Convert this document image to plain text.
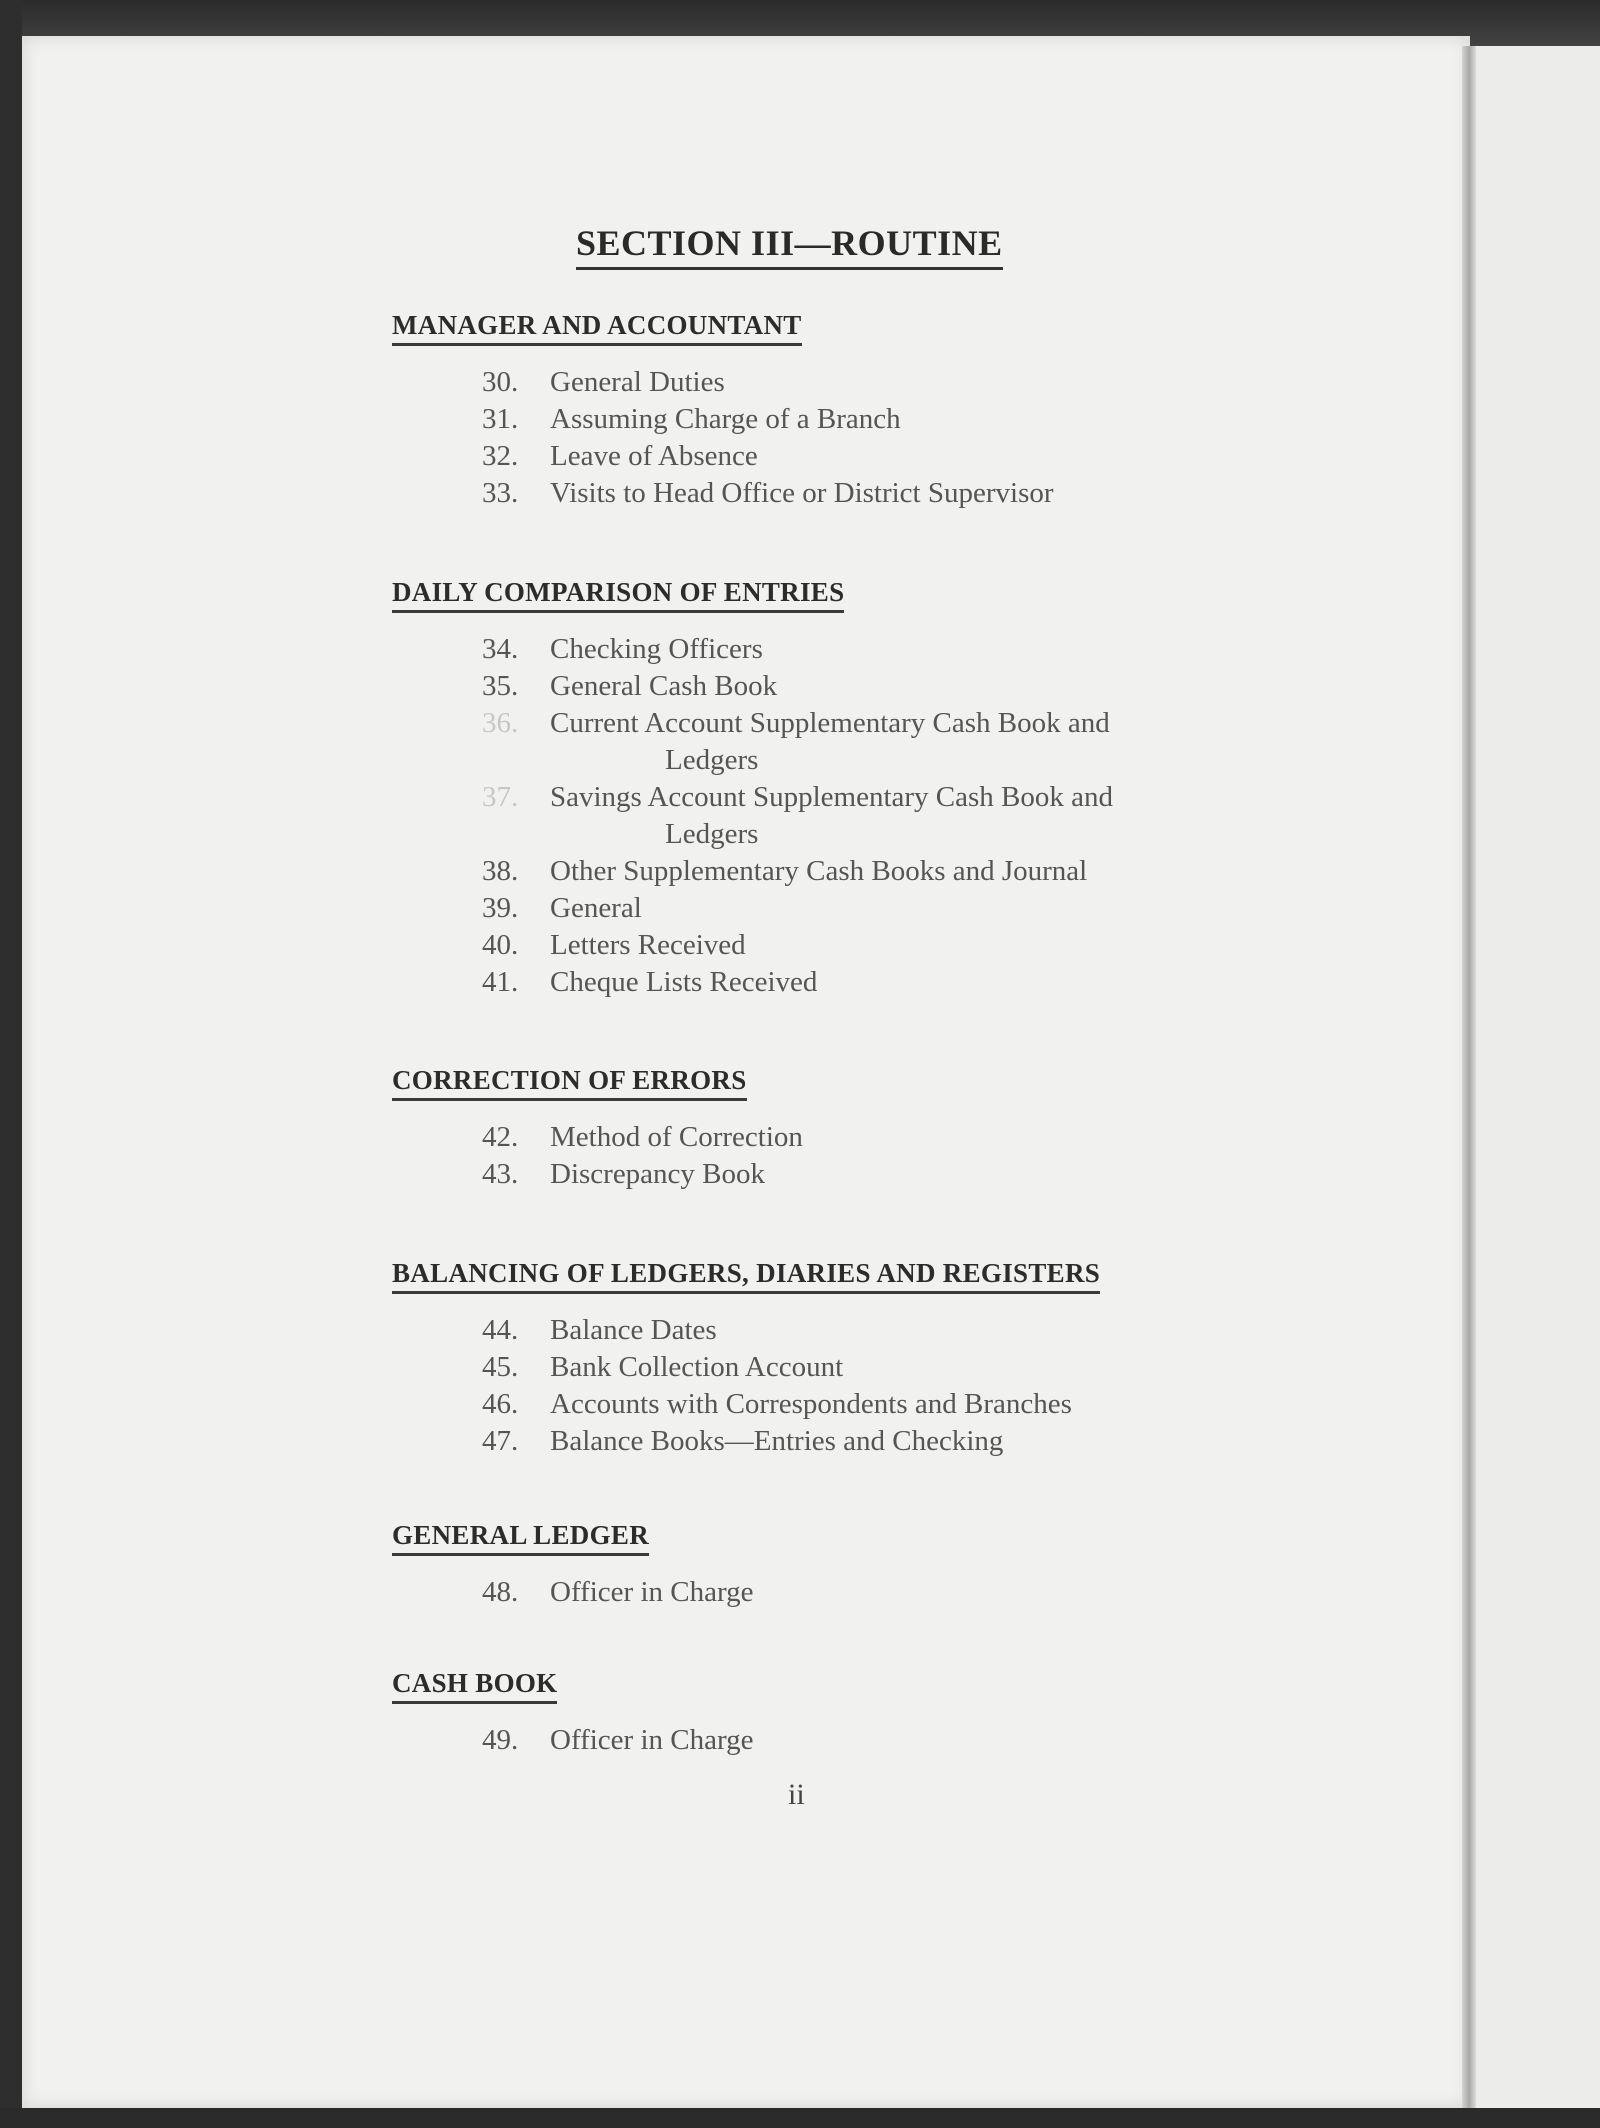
SECTION III—ROUTINE
MANAGER AND ACCOUNTANT
30.	General Duties
31.	Assuming Charge of a Branch
32.	Leave of Absence
33.	Visits to Head Office or District Supervisor
DAILY COMPARISON OF ENTRIES
34.	Checking Officers
35.	General Cash Book
36.	Current Account Supplementary Cash Book and
Ledgers
37.	Savings Account Supplementary Cash Book and
Ledgers
38.	Other Supplementary Cash Books and Journal
39.	General
40.	Letters Received
41.	Cheque Lists Received
CORRECTION OF ERRORS
42.	Method of Correction
43.	Discrepancy Book
BALANCING OF LEDGERS, DIARIES AND REGISTERS
44.	Balance Dates
45.	Bank Collection Account
46.	Accounts with Correspondents and Branches
47.	Balance Books—Entries and Checking
GENERAL LEDGER
48.	Officer in Charge
CASH BOOK
49.	Officer in Charge
ii
